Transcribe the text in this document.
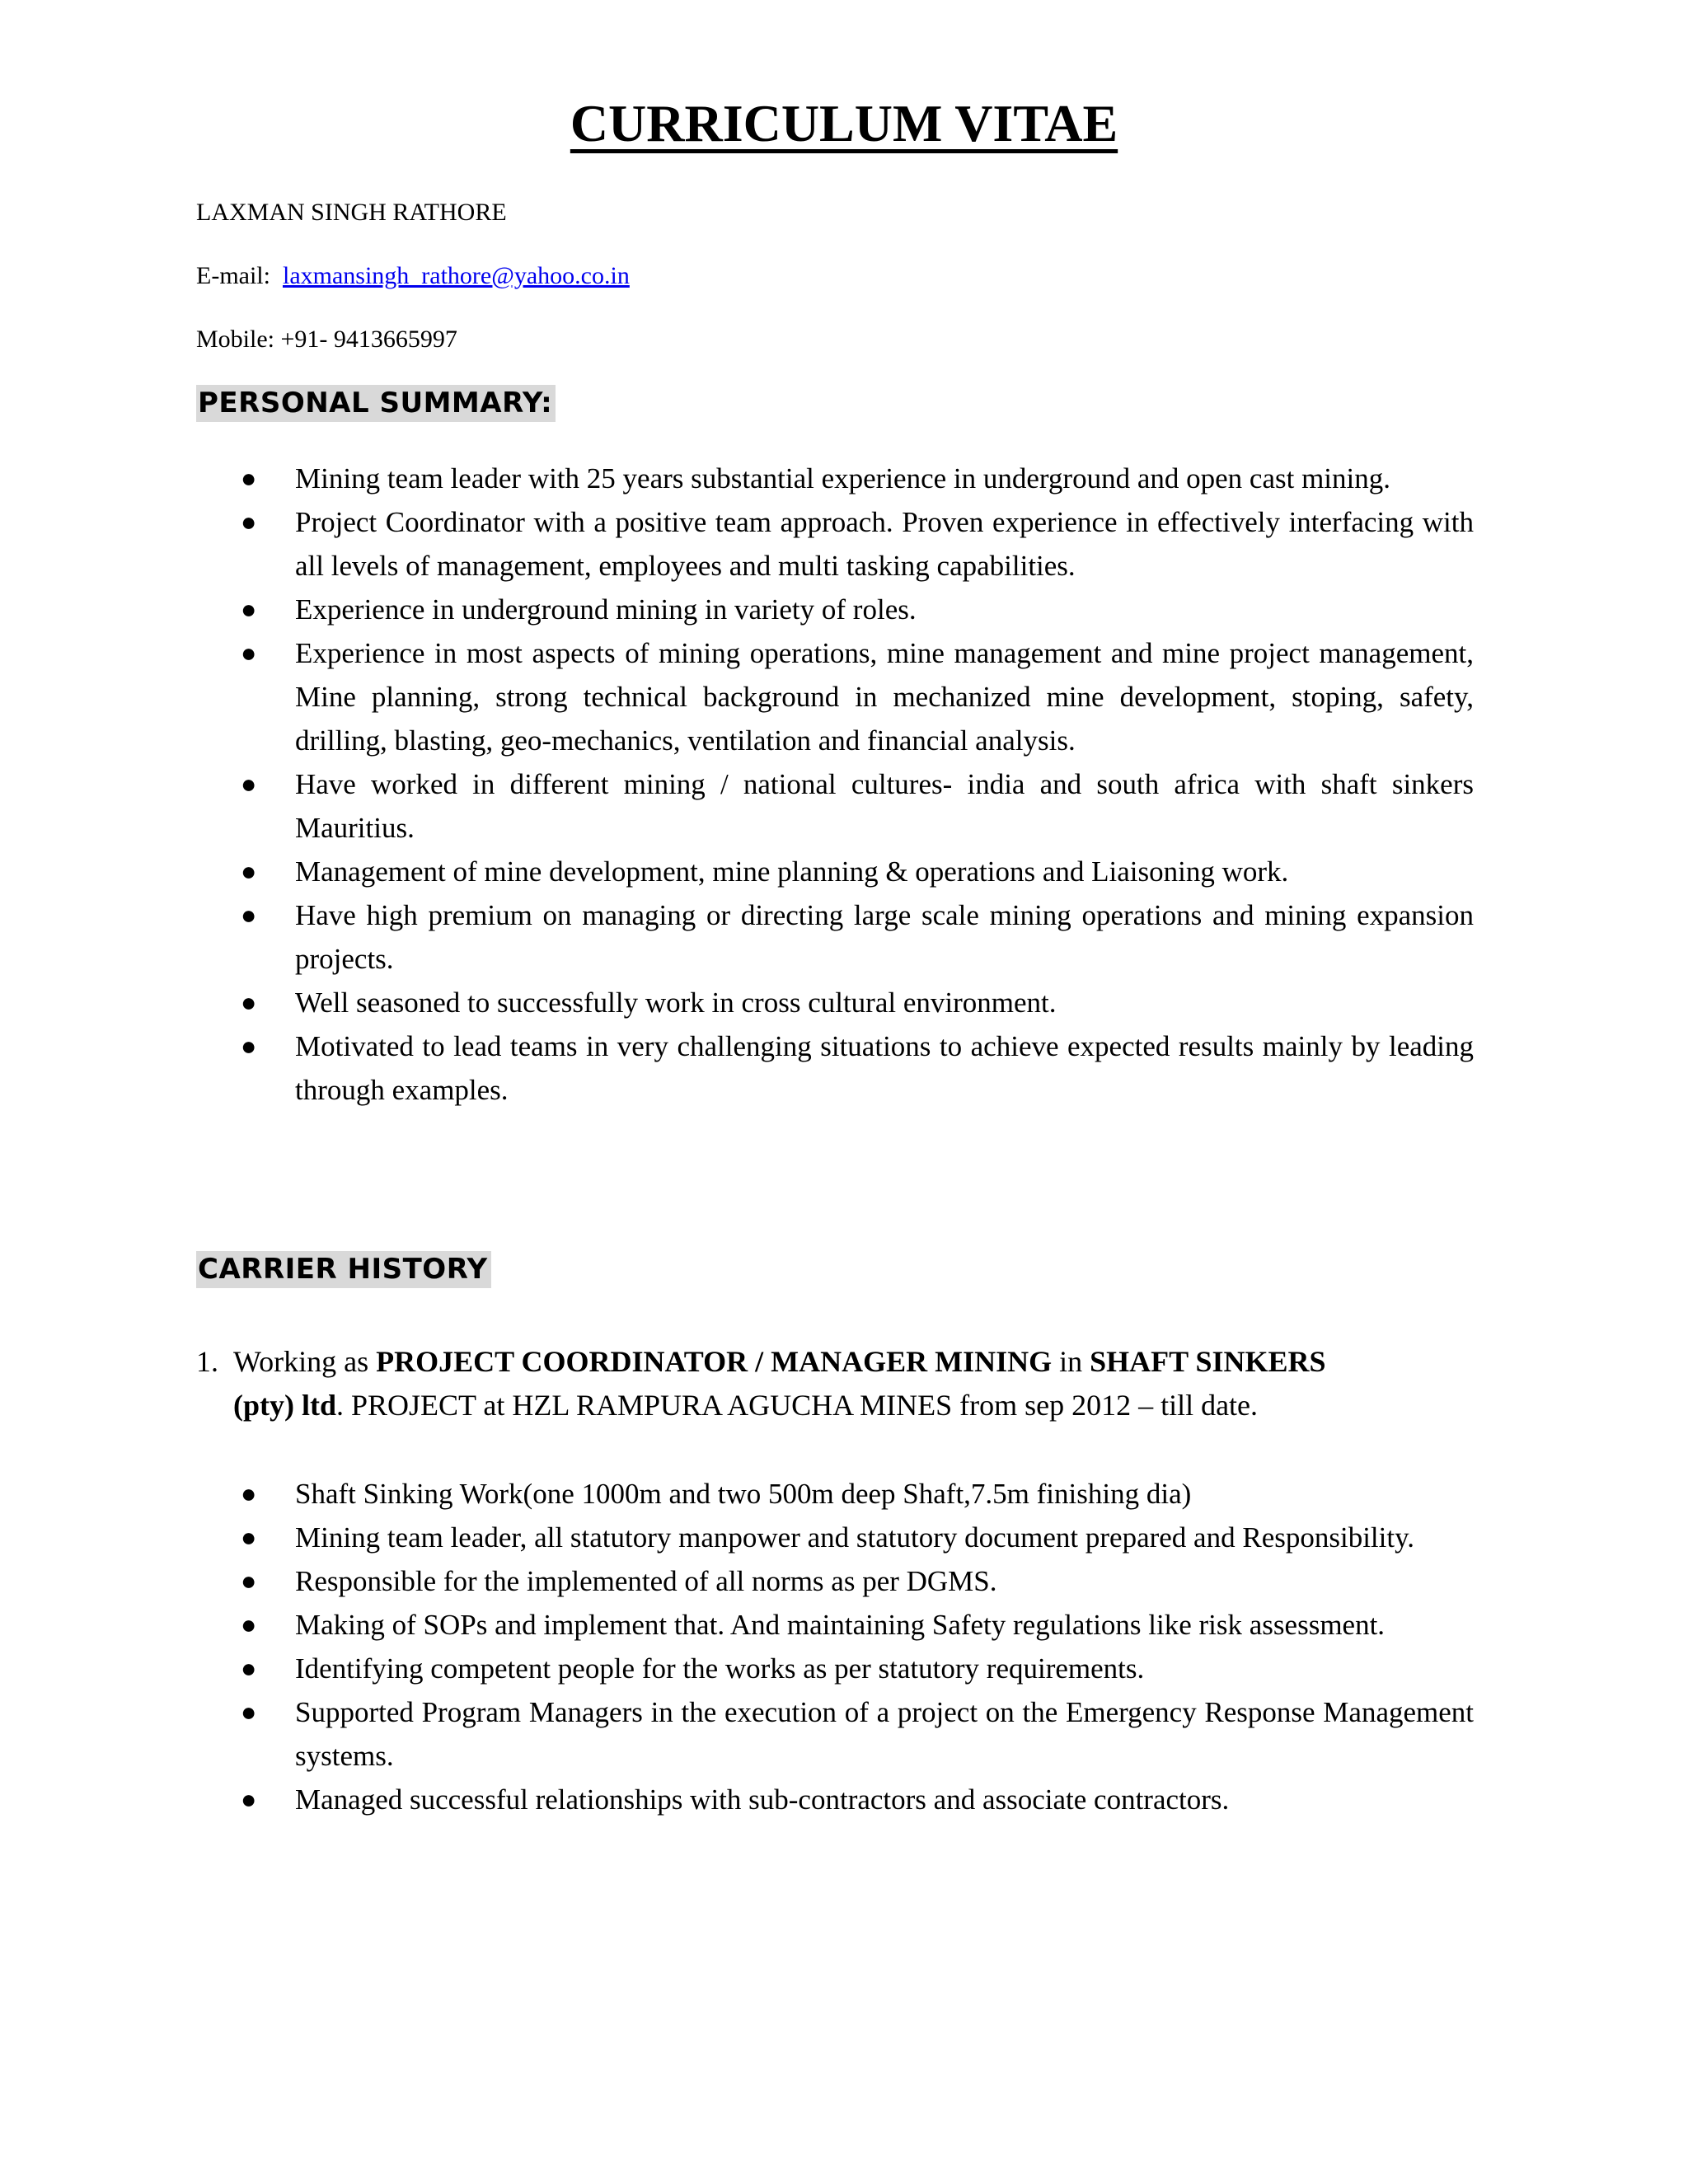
CURRICULUM VITAE
LAXMAN SINGH RATHORE
E-mail: laxmansingh_rathore@yahoo.co.in
Mobile: +91- 9413665997
PERSONAL SUMMARY:
● Mining team leader with 25 years substantial experience in underground and open cast mining.
● Project Coordinator with a positive team approach. Proven experience in effectively interfacing with all levels of management, employees and multi tasking capabilities.
● Experience in underground mining in variety of roles.
● Experience in most aspects of mining operations, mine management and mine project management, Mine planning, strong technical background in mechanized mine development, stoping, safety, drilling, blasting, geo-mechanics, ventilation and financial analysis.
● Have worked in different mining / national cultures- india and south africa with shaft sinkers Mauritius.
● Management of mine development, mine planning & operations and Liaisoning work.
● Have high premium on managing or directing large scale mining operations and mining expansion projects.
● Well seasoned to successfully work in cross cultural environment.
● Motivated to lead teams in very challenging situations to achieve expected results mainly by leading through examples.
CARRIER HISTORY
1. Working as PROJECT COORDINATOR / MANAGER MINING in SHAFT SINKERS
(pty) ltd. PROJECT at HZL RAMPURA AGUCHA MINES from sep 2012 – till date.
● Shaft Sinking Work(one 1000m and two 500m deep Shaft,7.5m finishing dia)
● Mining team leader, all statutory manpower and statutory document prepared and Responsibility.
● Responsible for the implemented of all norms as per DGMS.
● Making of SOPs and implement that. And maintaining Safety regulations like risk assessment.
● Identifying competent people for the works as per statutory requirements.
● Supported Program Managers in the execution of a project on the Emergency Response Management systems.
● Managed successful relationships with sub-contractors and associate contractors.
